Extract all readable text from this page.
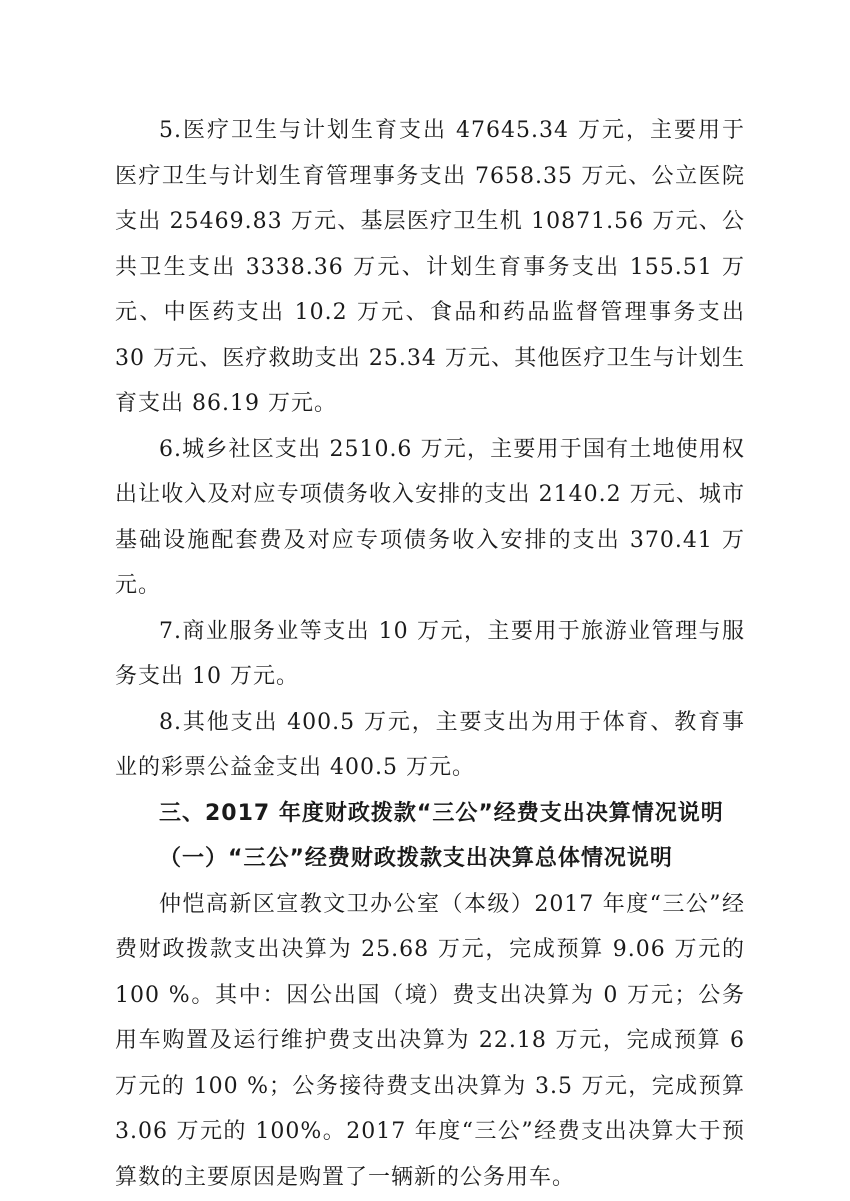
5.医疗卫生与计划生育支出 47645.34 万元，主要用于医疗卫生与计划生育管理事务支出 7658.35 万元、公立医院支出 25469.83 万元、基层医疗卫生机 10871.56 万元、公共卫生支出 3338.36 万元、计划生育事务支出 155.51 万元、中医药支出 10.2 万元、食品和药品监督管理事务支出 30 万元、医疗救助支出 25.34 万元、其他医疗卫生与计划生育支出 86.19 万元。

6.城乡社区支出 2510.6 万元，主要用于国有土地使用权出让收入及对应专项债务收入安排的支出 2140.2 万元、城市基础设施配套费及对应专项债务收入安排的支出 370.41 万元。

7.商业服务业等支出 10 万元，主要用于旅游业管理与服务支出 10 万元。

8.其他支出 400.5 万元，主要支出为用于体育、教育事业的彩票公益金支出 400.5 万元。

三、2017 年度财政拨款“三公”经费支出决算情况说明

（一）“三公”经费财政拨款支出决算总体情况说明

仲恺高新区宣教文卫办公室（本级）2017 年度“三公”经费财政拨款支出决算为 25.68 万元，完成预算 9.06 万元的 100 %。其中：因公出国（境）费支出决算为 0 万元；公务用车购置及运行维护费支出决算为 22.18 万元，完成预算 6 万元的 100 %；公务接待费支出决算为 3.5 万元，完成预算 3.06 万元的 100%。2017 年度“三公”经费支出决算大于预算数的主要原因是购置了一辆新的公务用车。
